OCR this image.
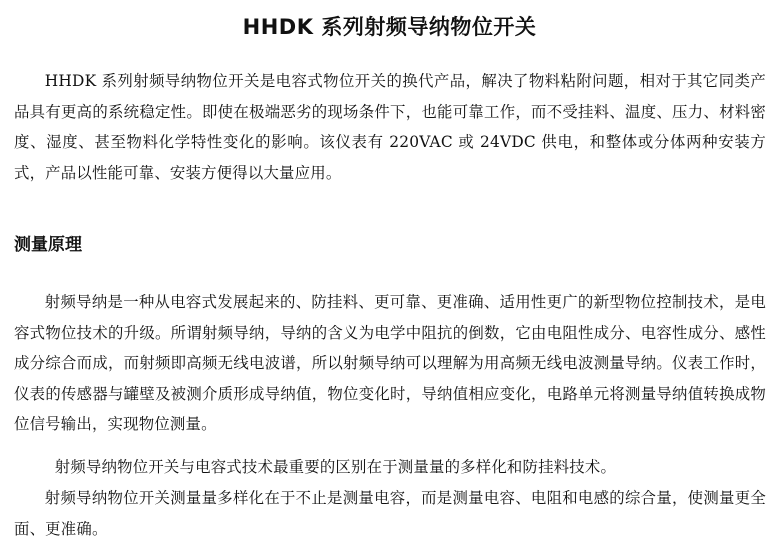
HHDK 系列射频导纳物位开关

HHDK 系列射频导纳物位开关是电容式物位开关的换代产品，解决了物料粘附问题，相对于其它同类产品具有更高的系统稳定性。即使在极端恶劣的现场条件下，也能可靠工作，而不受挂料、温度、压力、材料密度、湿度、甚至物料化学特性变化的影响。该仪表有 220VAC 或 24VDC 供电，和整体或分体两种安装方式，产品以性能可靠、安装方便得以大量应用。

测量原理

射频导纳是一种从电容式发展起来的、防挂料、更可靠、更准确、适用性更广的新型物位控制技术，是电容式物位技术的升级。所谓射频导纳，导纳的含义为电学中阻抗的倒数，它由电阻性成分、电容性成分、感性成分综合而成，而射频即高频无线电波谱，所以射频导纳可以理解为用高频无线电波测量导纳。仪表工作时，仪表的传感器与罐壁及被测介质形成导纳值，物位变化时，导纳值相应变化，电路单元将测量导纳值转换成物位信号输出，实现物位测量。

射频导纳物位开关与电容式技术最重要的区别在于测量量的多样化和防挂料技术。

射频导纳物位开关测量量多样化在于不止是测量电容，而是测量电容、电阻和电感的综合量，使测量更全面、更准确。
